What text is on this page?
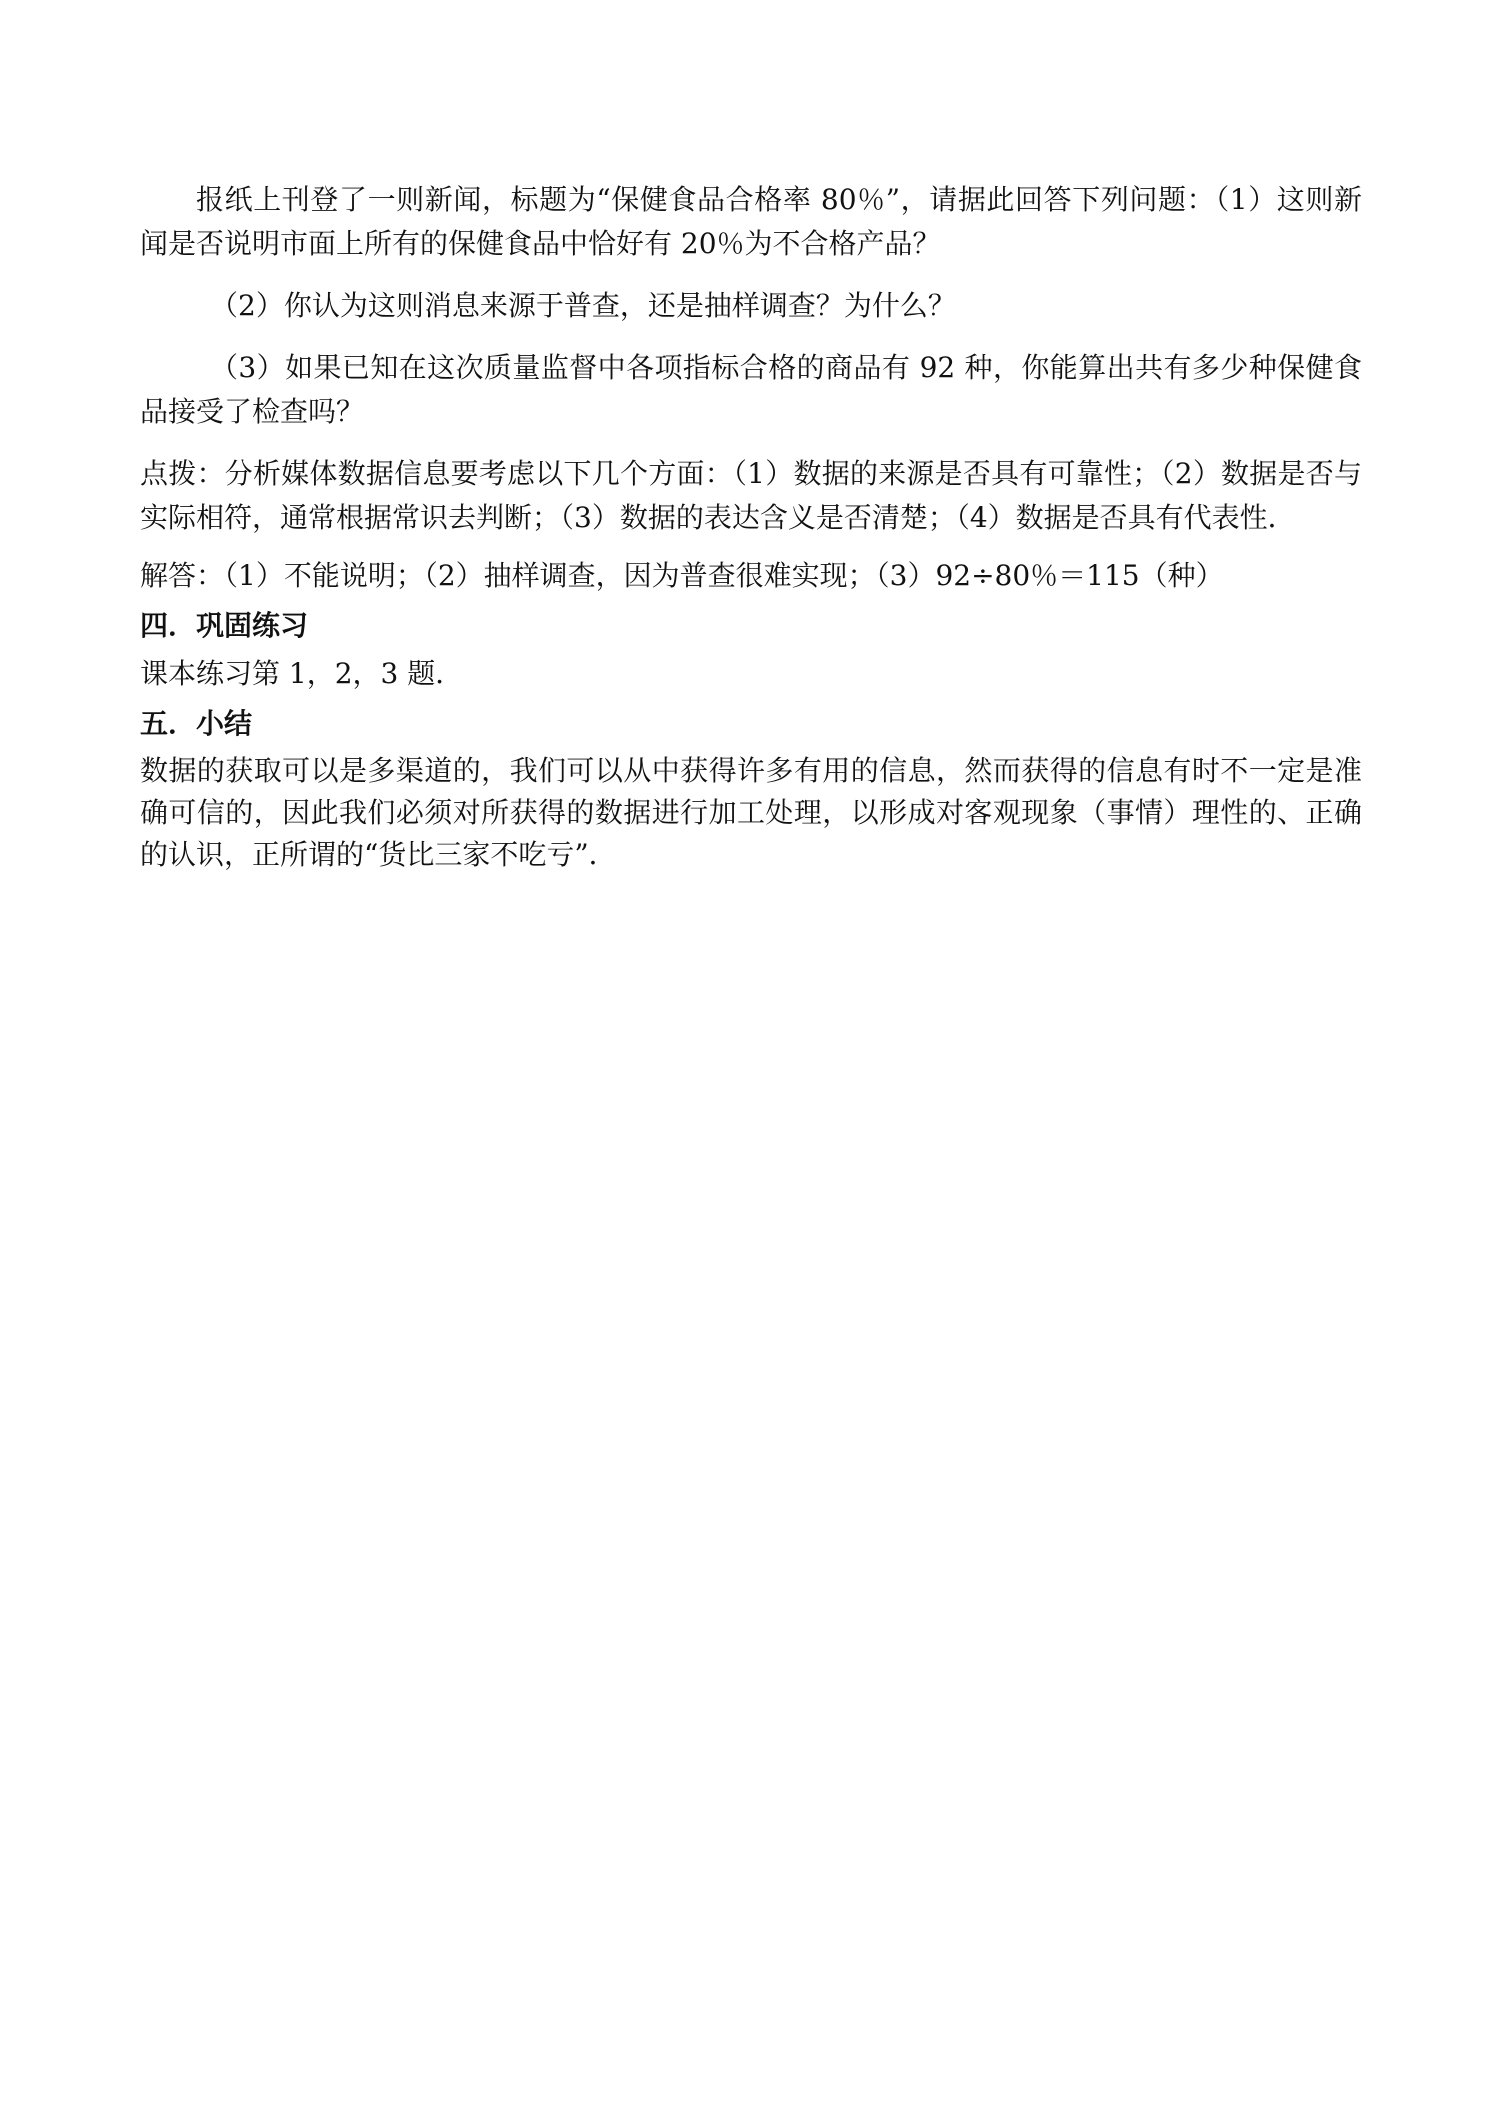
报纸上刊登了一则新闻，标题为“保健食品合格率 80％”，请据此回答下列问题：（1）这则新闻是否说明市面上所有的保健食品中恰好有 20％为不合格产品？

（2）你认为这则消息来源于普查，还是抽样调查？为什么？

（3）如果已知在这次质量监督中各项指标合格的商品有 92 种，你能算出共有多少种保健食品接受了检查吗？

点拨：分析媒体数据信息要考虑以下几个方面：（1）数据的来源是否具有可靠性；（2）数据是否与实际相符，通常根据常识去判断；（3）数据的表达含义是否清楚；（4）数据是否具有代表性．

解答：（1）不能说明；（2）抽样调查，因为普查很难实现；（3）92÷80％＝115（种）

四．巩固练习

课本练习第 1，2，3 题．

五．小结

数据的获取可以是多渠道的，我们可以从中获得许多有用的信息，然而获得的信息有时不一定是准确可信的，因此我们必须对所获得的数据进行加工处理，以形成对客观现象（事情）理性的、正确的认识，正所谓的“货比三家不吃亏”．
